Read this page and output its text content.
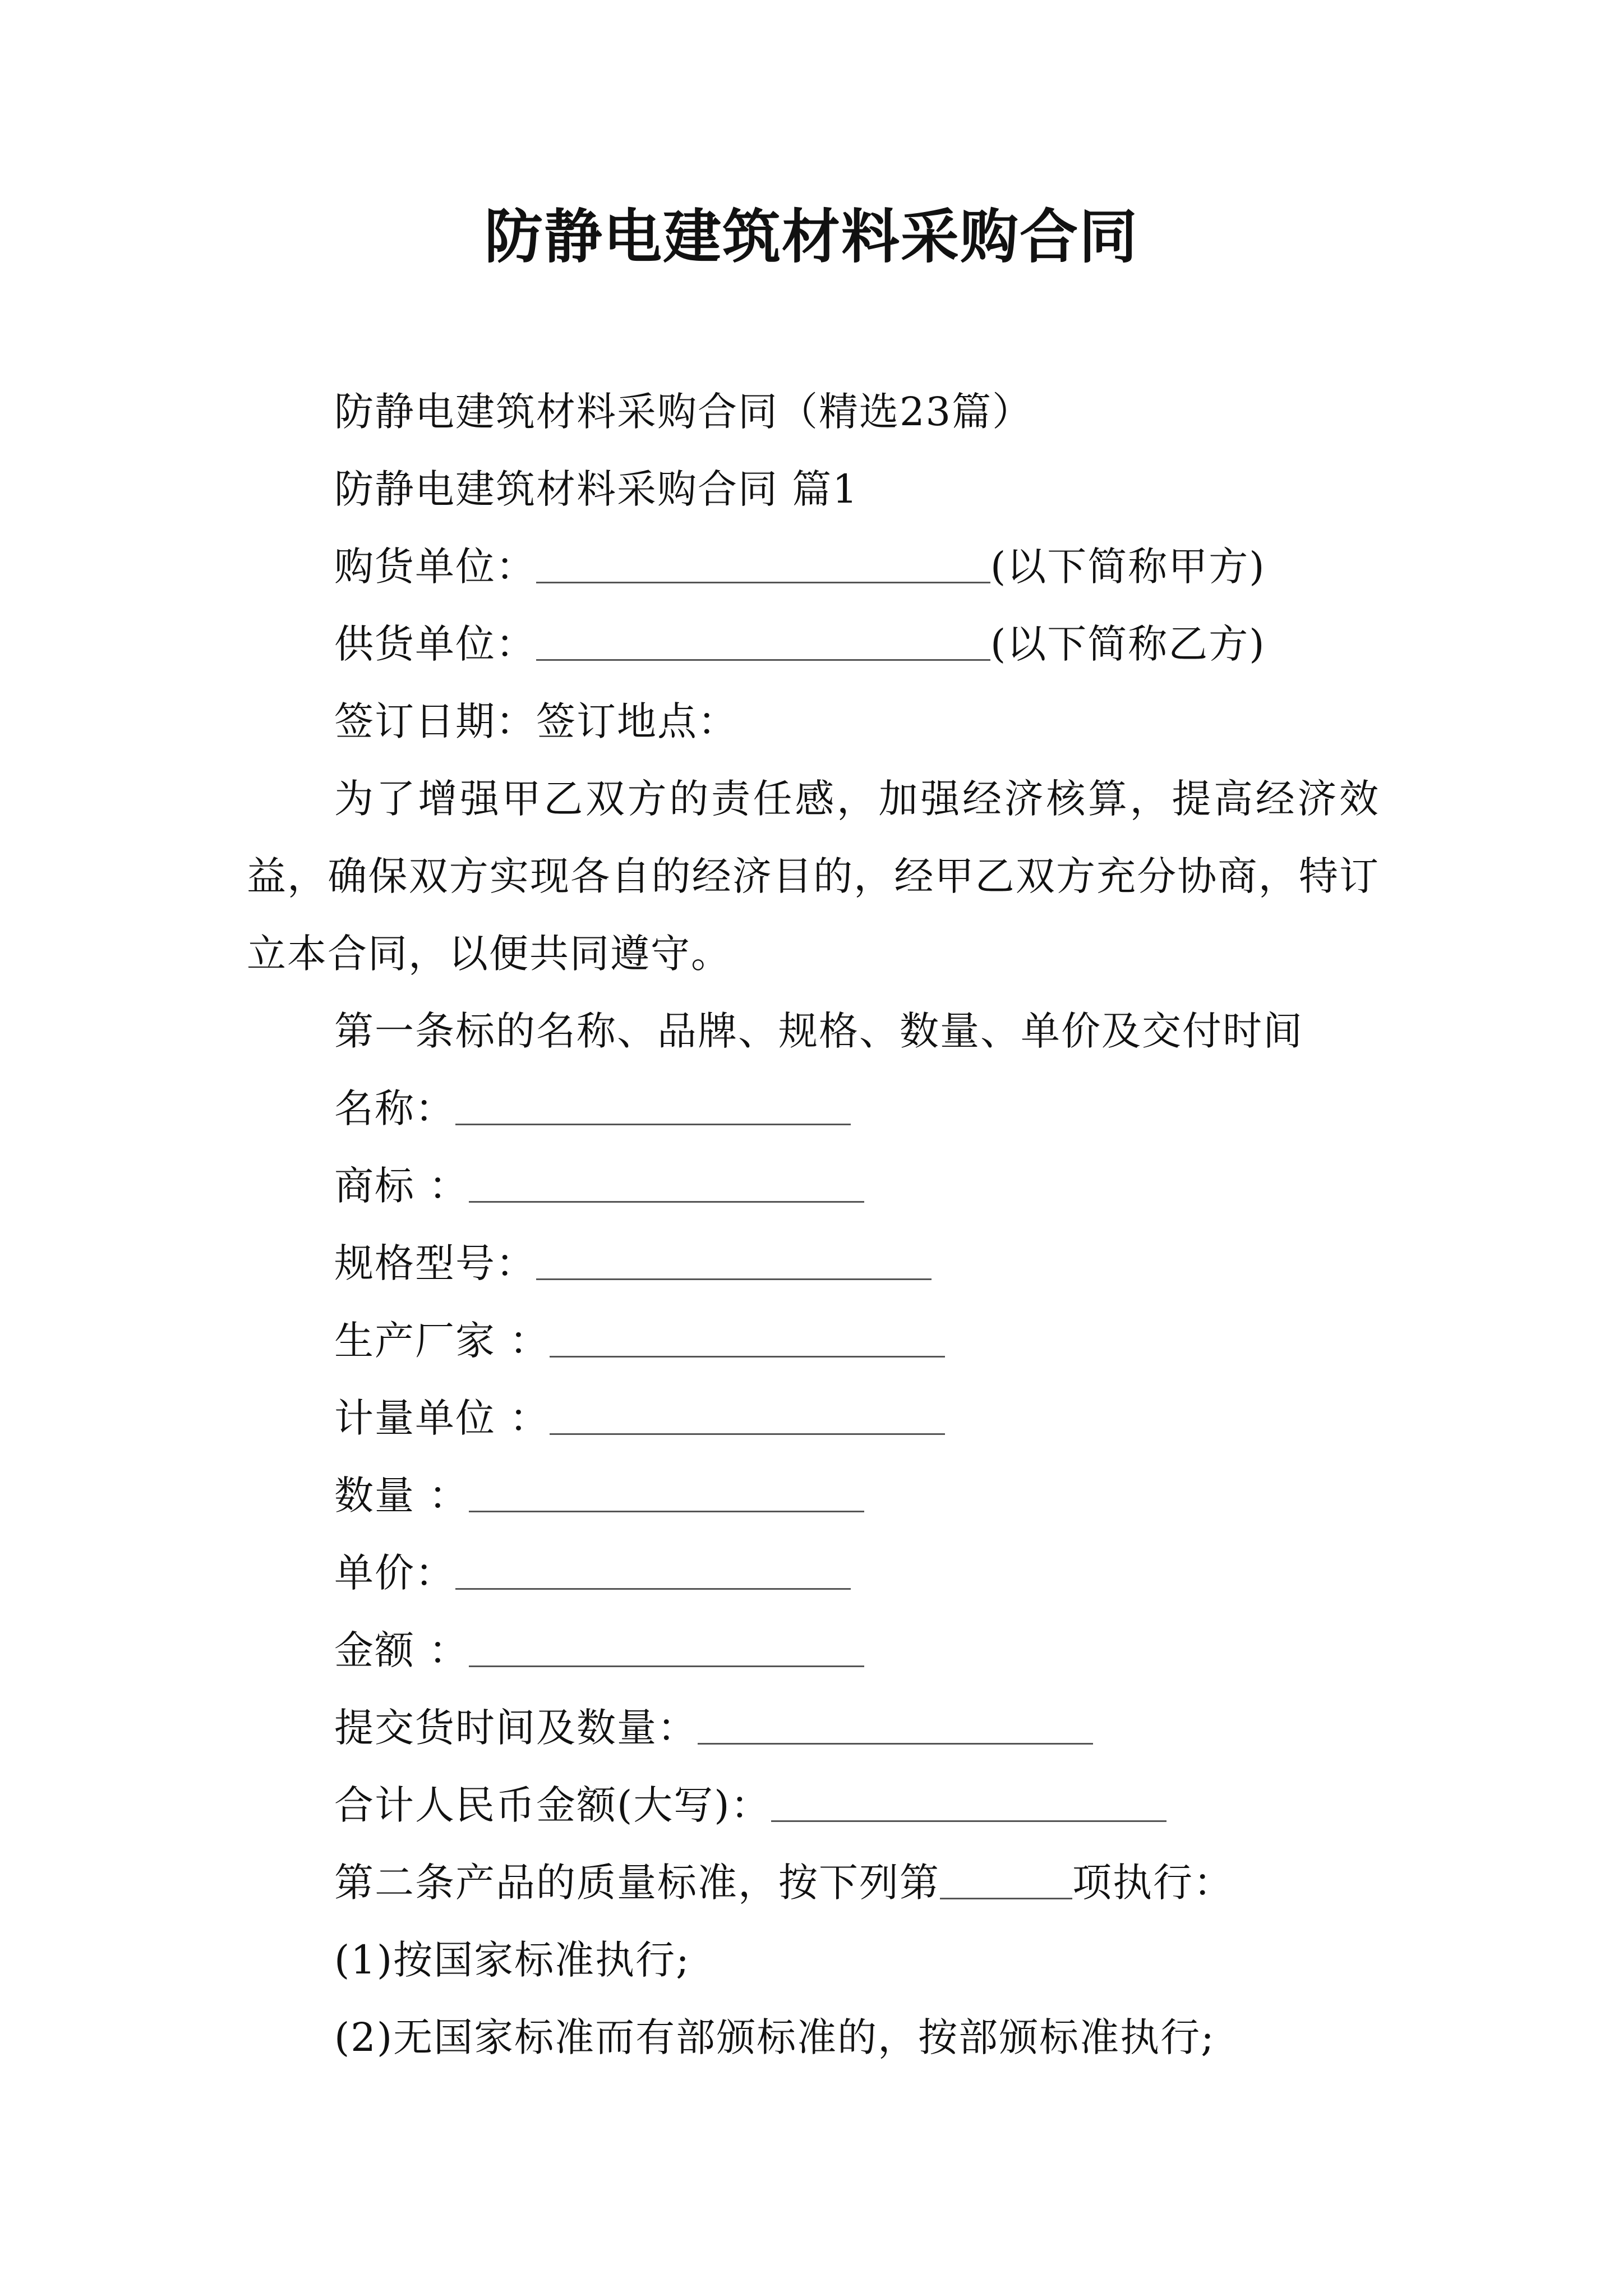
防静电建筑材料采购合同
防静电建筑材料采购合同（精选23篇）
防静电建筑材料采购合同 篇1
购货单位：	(以下简称甲方)
供货单位：	(以下简称乙方)
签订日期：签订地点：
为了增强甲乙双方的责任感，加强经济核算，提高经济效益，确保双方实现各自的经济目的，经甲乙双方充分协商，特订立本合同，以便共同遵守。
第一条标的名称、品牌、规格、数量、单价及交付时间
名称：
商标 ：
规格型号：
生产厂家 ：
计量单位 ：
数量 ：
单价：
金额 ：
提交货时间及数量：
合计人民币金额(大写)：
第二条产品的质量标准，按下列第	项执行：
(1)按国家标准执行;
(2)无国家标准而有部颁标准的，按部颁标准执行;
